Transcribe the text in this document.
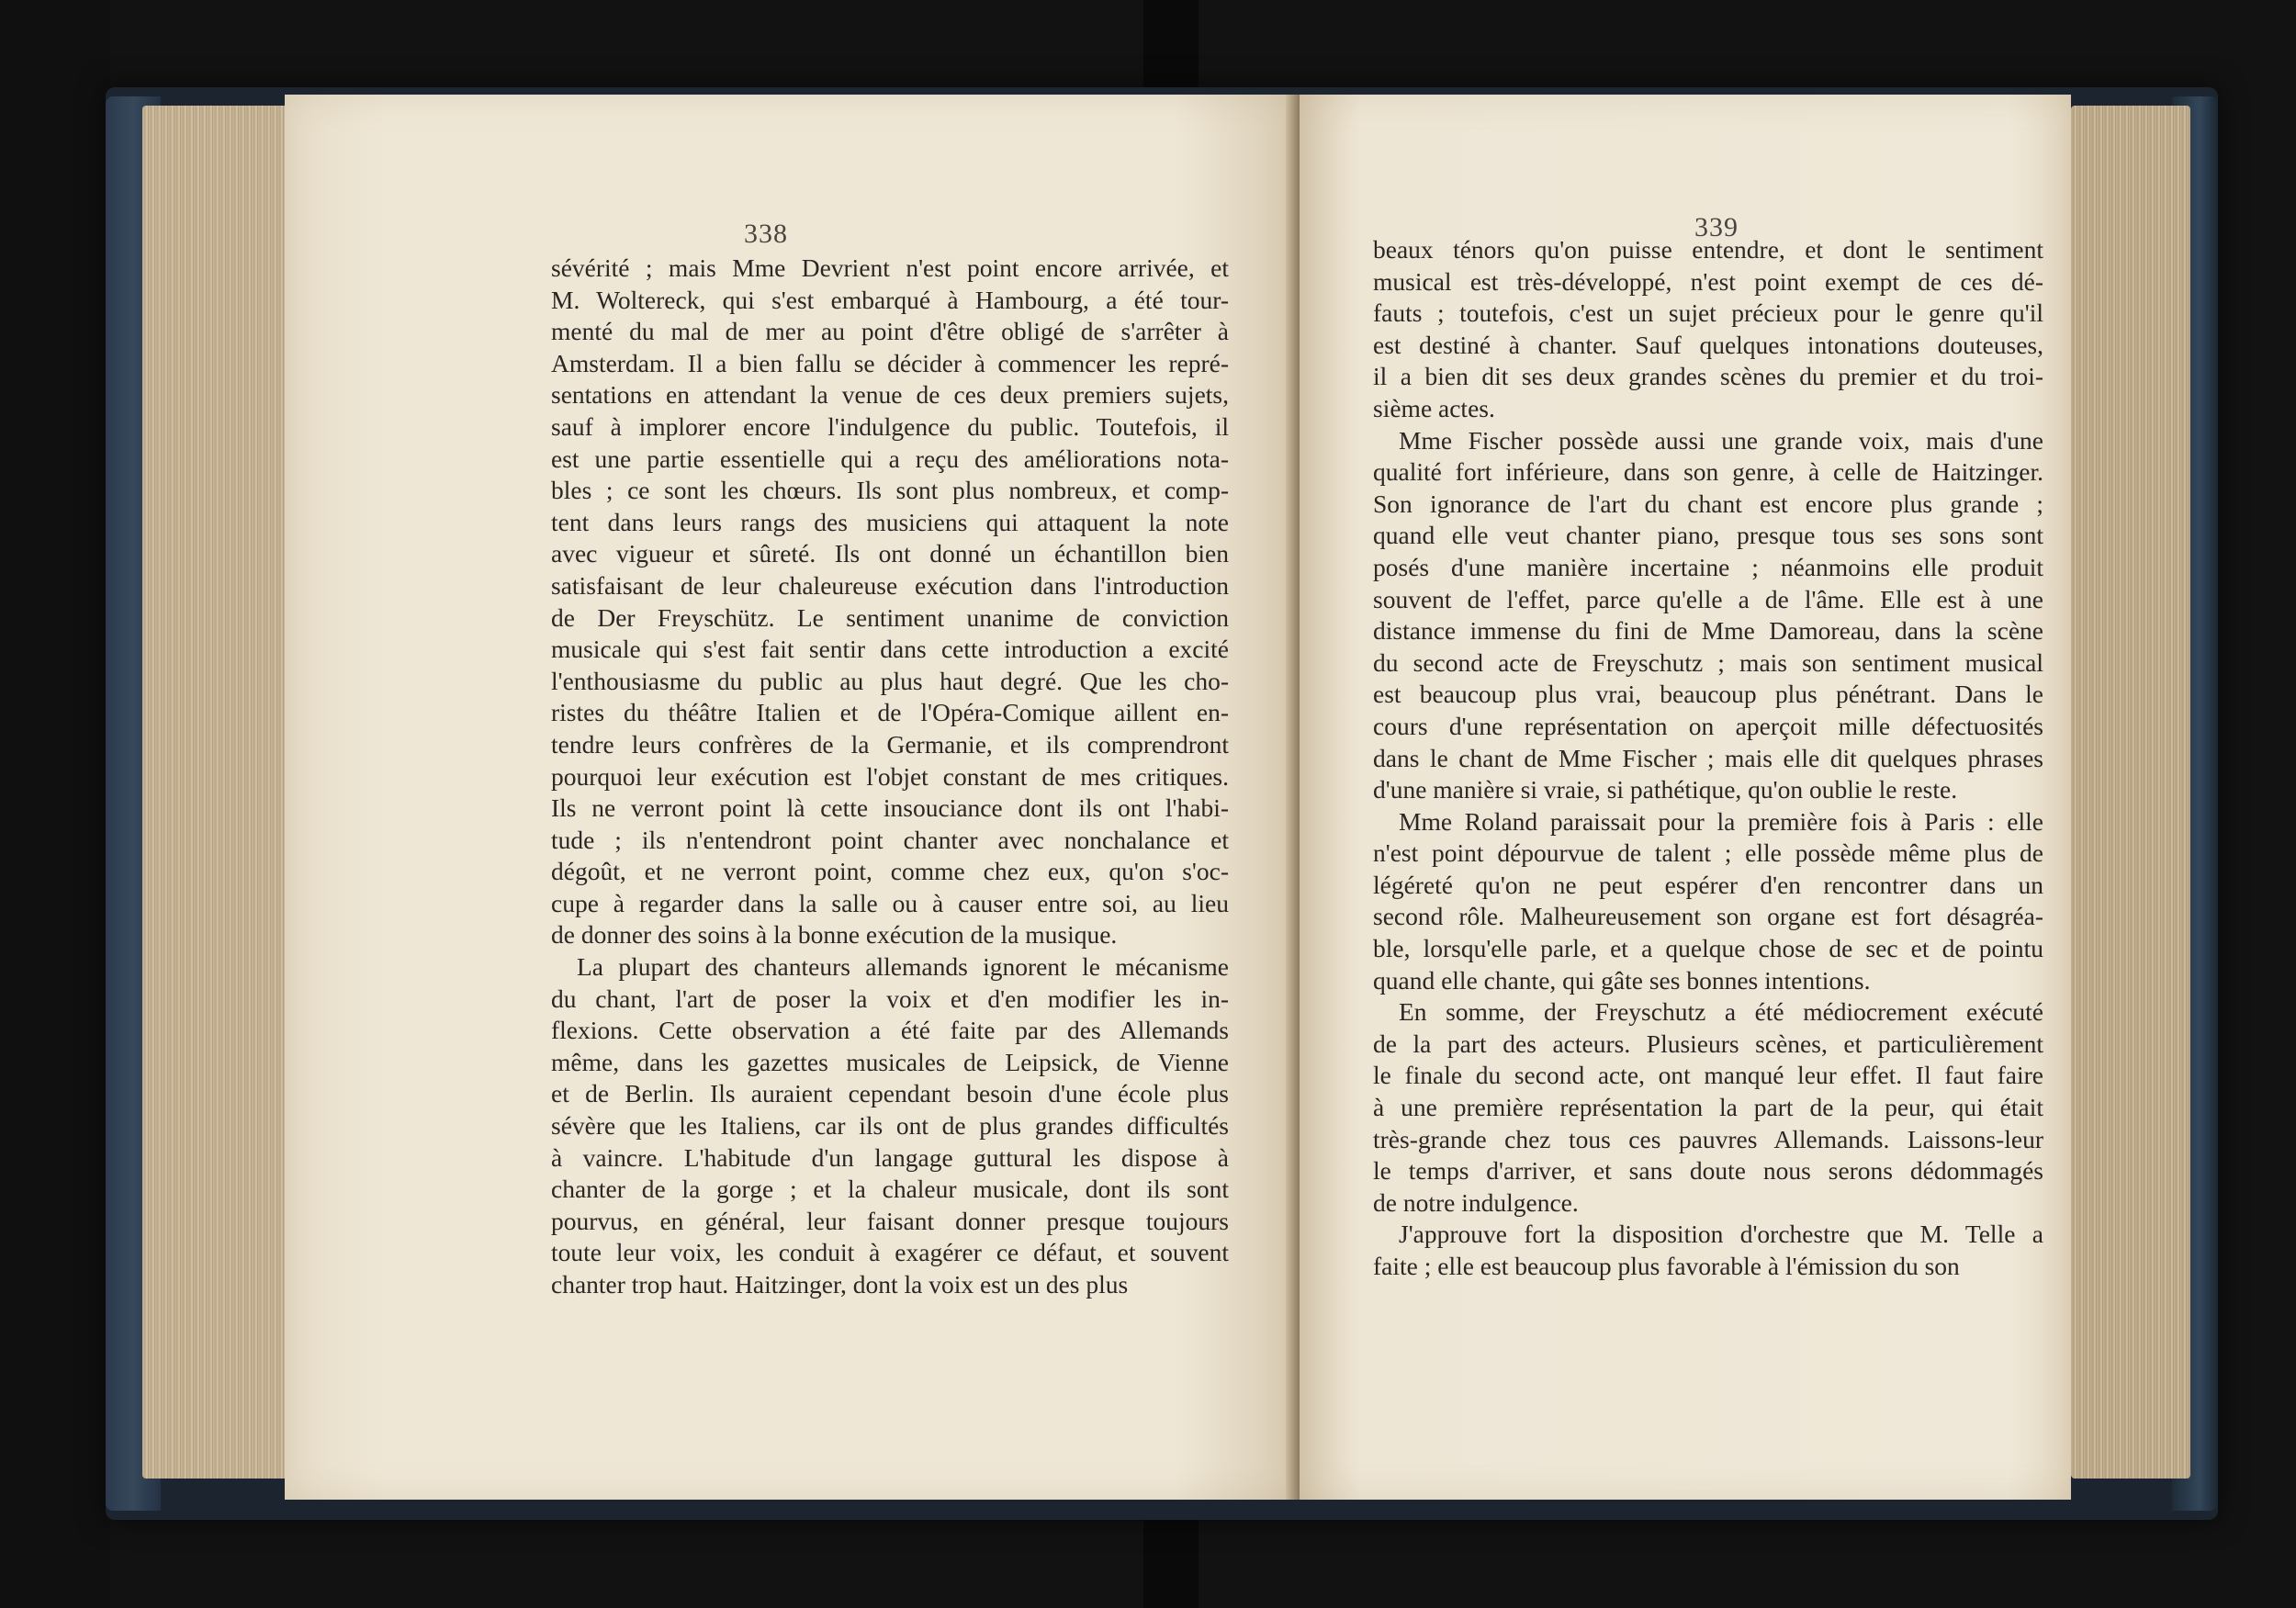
338
sévérité ; mais Mme Devrient n'est point encore arrivée, et
M. Woltereck, qui s'est embarqué à Hambourg, a été tour-
menté du mal de mer au point d'être obligé de s'arrêter à
Amsterdam. Il a bien fallu se décider à commencer les repré-
sentations en attendant la venue de ces deux premiers sujets,
sauf à implorer encore l'indulgence du public. Toutefois, il
est une partie essentielle qui a reçu des améliorations nota-
bles ; ce sont les chœurs. Ils sont plus nombreux, et comp-
tent dans leurs rangs des musiciens qui attaquent la note
avec vigueur et sûreté. Ils ont donné un échantillon bien
satisfaisant de leur chaleureuse exécution dans l'introduction
de Der Freyschütz. Le sentiment unanime de conviction
musicale qui s'est fait sentir dans cette introduction a excité
l'enthousiasme du public au plus haut degré. Que les cho-
ristes du théâtre Italien et de l'Opéra-Comique aillent en-
tendre leurs confrères de la Germanie, et ils comprendront
pourquoi leur exécution est l'objet constant de mes critiques.
Ils ne verront point là cette insouciance dont ils ont l'habi-
tude ; ils n'entendront point chanter avec nonchalance et
dégoût, et ne verront point, comme chez eux, qu'on s'oc-
cupe à regarder dans la salle ou à causer entre soi, au lieu
de donner des soins à la bonne exécution de la musique.
La plupart des chanteurs allemands ignorent le mécanisme
du chant, l'art de poser la voix et d'en modifier les in-
flexions. Cette observation a été faite par des Allemands
même, dans les gazettes musicales de Leipsick, de Vienne
et de Berlin. Ils auraient cependant besoin d'une école plus
sévère que les Italiens, car ils ont de plus grandes difficultés
à vaincre. L'habitude d'un langage guttural les dispose à
chanter de la gorge ; et la chaleur musicale, dont ils sont
pourvus, en général, leur faisant donner presque toujours
toute leur voix, les conduit à exagérer ce défaut, et souvent
chanter trop haut. Haitzinger, dont la voix est un des plus
339
beaux ténors qu'on puisse entendre, et dont le sentiment
musical est très-développé, n'est point exempt de ces dé-
fauts ; toutefois, c'est un sujet précieux pour le genre qu'il
est destiné à chanter. Sauf quelques intonations douteuses,
il a bien dit ses deux grandes scènes du premier et du troi-
sième actes.
Mme Fischer possède aussi une grande voix, mais d'une
qualité fort inférieure, dans son genre, à celle de Haitzinger.
Son ignorance de l'art du chant est encore plus grande ;
quand elle veut chanter piano, presque tous ses sons sont
posés d'une manière incertaine ; néanmoins elle produit
souvent de l'effet, parce qu'elle a de l'âme. Elle est à une
distance immense du fini de Mme Damoreau, dans la scène
du second acte de Freyschutz ; mais son sentiment musical
est beaucoup plus vrai, beaucoup plus pénétrant. Dans le
cours d'une représentation on aperçoit mille défectuosités
dans le chant de Mme Fischer ; mais elle dit quelques phrases
d'une manière si vraie, si pathétique, qu'on oublie le reste.
Mme Roland paraissait pour la première fois à Paris : elle
n'est point dépourvue de talent ; elle possède même plus de
légéreté qu'on ne peut espérer d'en rencontrer dans un
second rôle. Malheureusement son organe est fort désagréa-
ble, lorsqu'elle parle, et a quelque chose de sec et de pointu
quand elle chante, qui gâte ses bonnes intentions.
En somme, der Freyschutz a été médiocrement exécuté
de la part des acteurs. Plusieurs scènes, et particulièrement
le finale du second acte, ont manqué leur effet. Il faut faire
à une première représentation la part de la peur, qui était
très-grande chez tous ces pauvres Allemands. Laissons-leur
le temps d'arriver, et sans doute nous serons dédommagés
de notre indulgence.
J'approuve fort la disposition d'orchestre que M. Telle a
faite ; elle est beaucoup plus favorable à l'émission du son
